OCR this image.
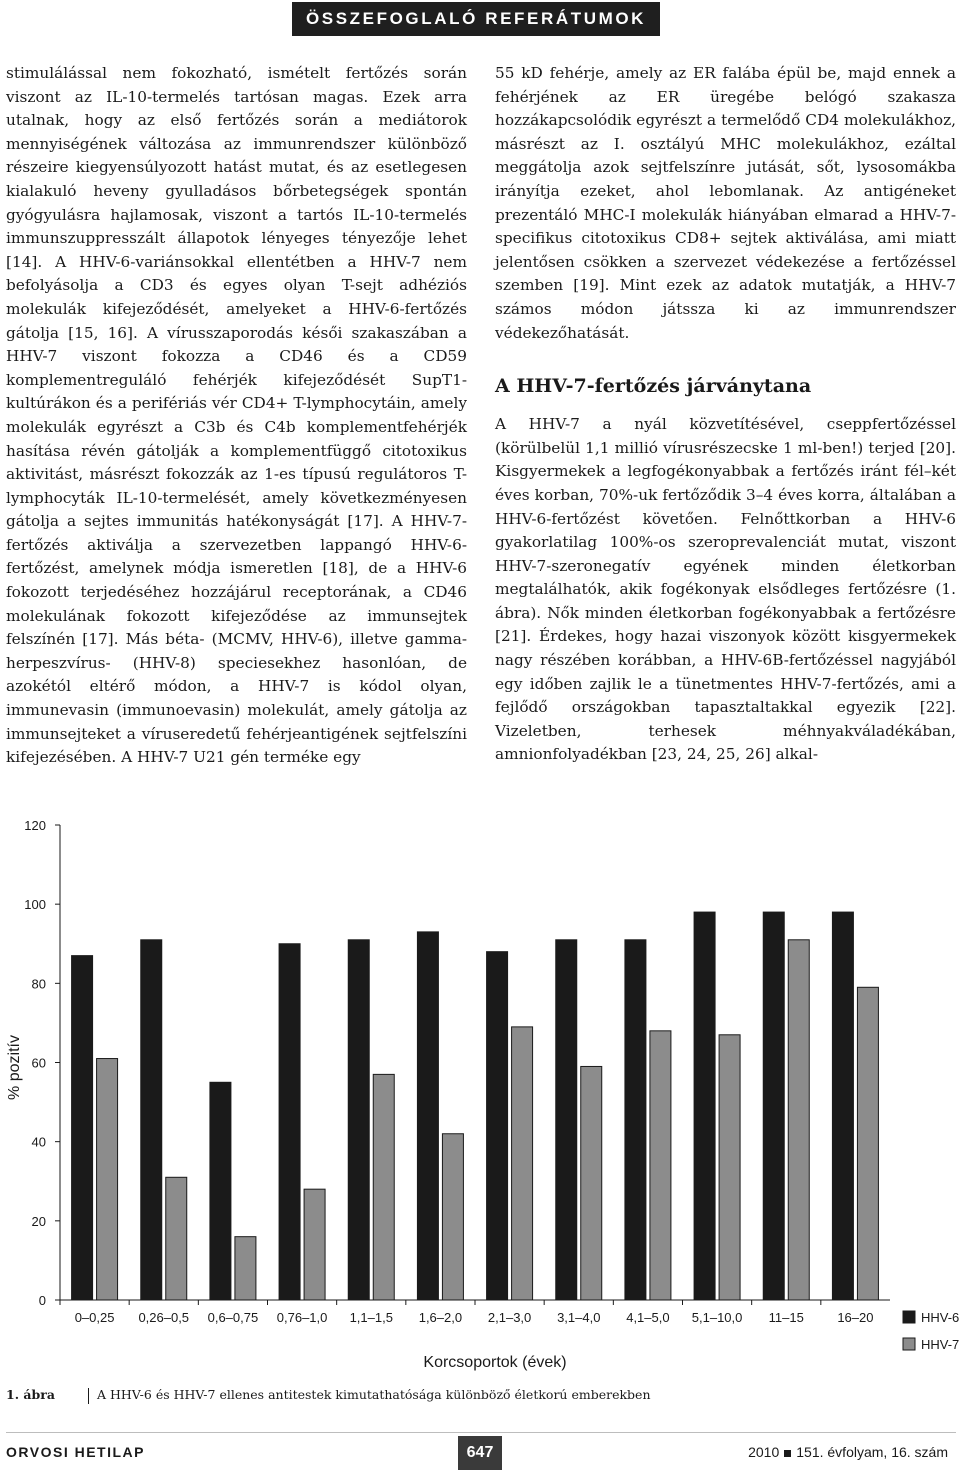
ÖSSZEFOGLALÓ REFERÁTUMOK

stimulálással nem fokozható, ismételt fertőzés során viszont az IL-10-termelés tartósan magas. Ezek arra utalnak, hogy az első fertőzés során a mediátorok mennyiségének változása az immunrendszer különböző részeire kiegyensúlyozott hatást mutat, és az esetlegesen kialakuló heveny gyulladásos bőrbetegségek spontán gyógyulásra hajlamosak, viszont a tartós IL-10-termelés immunszuppresszált állapotok lényeges tényezője lehet [14]. A HHV-6-variánsokkal ellentétben a HHV-7 nem befolyásolja a CD3 és egyes olyan T-sejt adhéziós molekulák kifejeződését, amelyeket a HHV-6-fertőzés gátolja [15, 16]. A vírusszaporodás késői szakaszában a HHV-7 viszont fokozza a CD46 és a CD59 komplementreguláló fehérjék kifejeződését SupT1-kultúrákon és a perifériás vér CD4+ T-lymphocytáin, amely molekulák egyrészt a C3b és C4b komplementfehérjék hasítása révén gátolják a komplementfüggő citotoxikus aktivitást, másrészt fokozzák az 1-es típusú regulátoros T-lymphocyták IL-10-termelését, amely következményesen gátolja a sejtes immunitás hatékonyságát [17]. A HHV-7-fertőzés aktiválja a szervezetben lappangó HHV-6-fertőzést, amelynek módja ismeretlen [18], de a HHV-6 fokozott terjedéséhez hozzájárul receptorának, a CD46 molekulának fokozott kifejeződése az immunsejtek felszínén [17]. Más béta- (MCMV, HHV-6), illetve gamma-herpeszvírus- (HHV-8) speciesekhez hasonlóan, de azokétól eltérő módon, a HHV-7 is kódol olyan, immunevasin (immunoevasin) molekulát, amely gátolja az immunsejteket a víruseredetű fehérjeantigének sejtfelszíni kifejezésében. A HHV-7 U21 gén terméke egy

55 kD fehérje, amely az ER falába épül be, majd ennek a fehérjének az ER üregébe belógó szakasza hozzákapcsolódik egyrészt a termelődő CD4 molekulákhoz, másrészt az I. osztályú MHC molekulákhoz, ezáltal meggátolja azok sejtfelszínre jutását, sőt, lysosomákba irányítja ezeket, ahol lebomlanak. Az antigéneket prezentáló MHC-I molekulák hiányában elmarad a HHV-7-specifikus citotoxikus CD8+ sejtek aktiválása, ami miatt jelentősen csökken a szervezet védekezése a fertőzéssel szemben [19]. Mint ezek az adatok mutatják, a HHV-7 számos módon játssza ki az immunrendszer védekezőhatását.

A HHV-7-fertőzés járványtana

A HHV-7 a nyál közvetítésével, cseppfertőzéssel (körülbelül 1,1 millió vírusrészecske 1 ml-ben!) terjed [20]. Kisgyermekek a legfogékonyabbak a fertőzés iránt fél–két éves korban, 70%-uk fertőződik 3–4 éves korra, általában a HHV-6-fertőzést követően. Felnőttkorban a HHV-6 gyakorlatilag 100%-os szeroprevalenciát mutat, viszont HHV-7-szeronegatív egyének minden életkorban megtalálhatók, akik fogékonyak elsődleges fertőzésre (1. ábra). Nők minden életkorban fogékonyabbak a fertőzésre [21]. Érdekes, hogy hazai viszonyok között kisgyermekek nagy részében korábban, a HHV-6B-fertőzéssel nagyjából egy időben zajlik le a tünetmentes HHV-7-fertőzés, ami a fejlődő országokban tapasztaltakkal egyezik [22]. Vizeletben, terhesek méhnyakváladékában, amnionfolyadékban [23, 24, 25, 26] alkal-

0
20
40
60
80
100
120
% pozitív
0–0,25 0,26–0,5 0,6–0,75 0,76–1,0 1,1–1,5 1,6–2,0 2,1–3,0 3,1–4,0 4,1–5,0 5,1–10,0 11–15	16–20
Korcsoportok (évek)
HHV-6
HHV-7
1. ábra	A HHV-6 és HHV-7 ellenes antitestek kimutathatósága különböző életkorú emberekben
ORVOSI HETILAP	647	2010 151. évfolyam, 16. szám
